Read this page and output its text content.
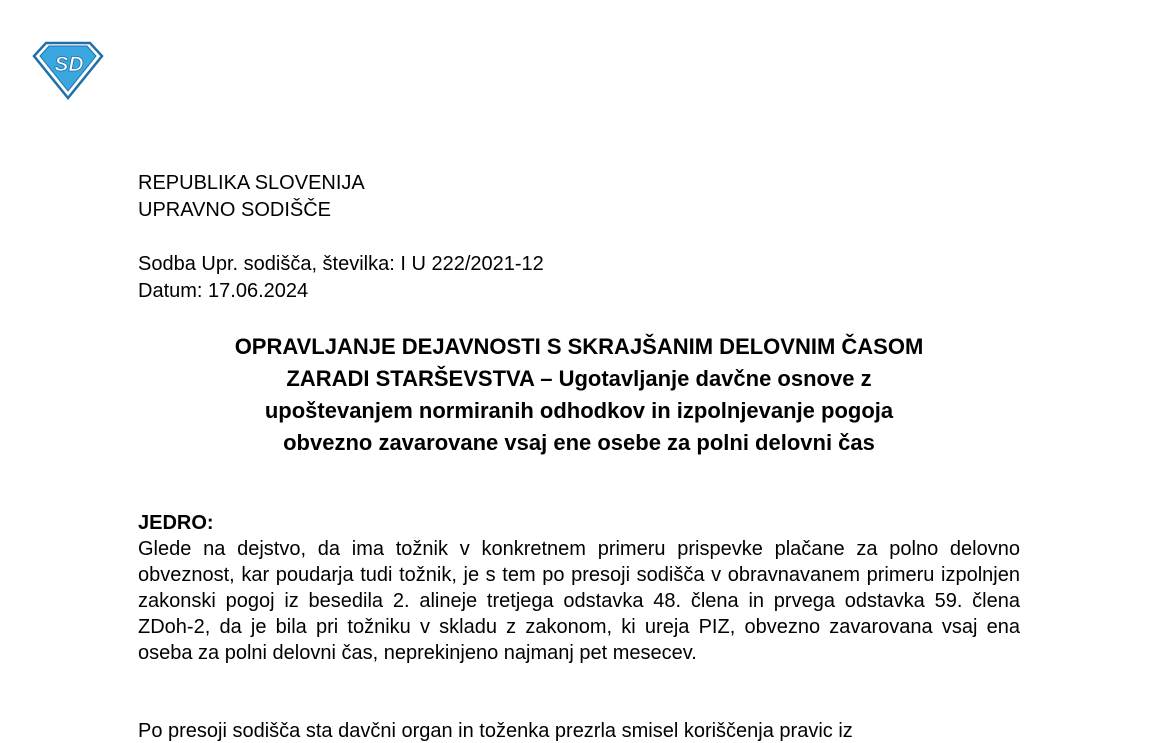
SD
REPUBLIKA SLOVENIJA
UPRAVNO SODIŠČE
Sodba Upr. sodišča, številka: I U 222/2021-12
Datum: 17.06.2024
OPRAVLJANJE DEJAVNOSTI S SKRAJŠANIM DELOVNIM ČASOM
ZARADI STARŠEVSTVA – Ugotavljanje davčne osnove z
upoštevanjem normiranih odhodkov in izpolnjevanje pogoja
obvezno zavarovane vsaj ene osebe za polni delovni čas
JEDRO:

Glede na dejstvo, da ima tožnik v konkretnem primeru prispevke plačane za polno delovno obveznost, kar poudarja tudi tožnik, je s tem po presoji sodišča v obravnavanem primeru izpolnjen zakonski pogoj iz besedila 2. alineje tretjega odstavka 48. člena in prvega odstavka 59. člena ZDoh-2, da je bila pri tožniku v skladu z zakonom, ki ureja PIZ, obvezno zavarovana vsaj ena oseba za polni delovni čas, neprekinjeno najmanj pet mesecev.

Po presoji sodišča sta davčni organ in toženka prezrla smisel koriščenja pravic iz
